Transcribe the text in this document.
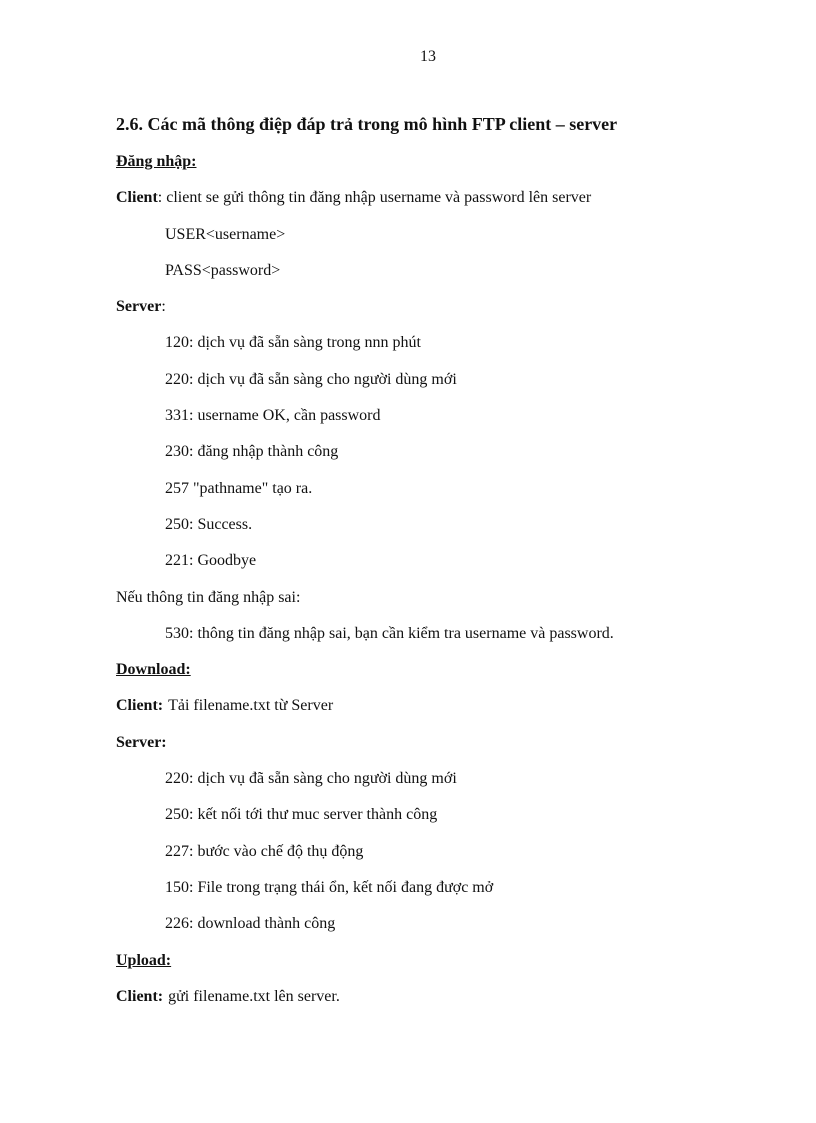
13
2.6. Các mã thông điệp đáp trả trong mô hình FTP client – server
Đăng nhập:
Client: client se gửi thông tin đăng nhập username và password lên server
USER<username>
PASS<password>
Server:
120: dịch vụ đã sẵn sàng trong nnn phút
220: dịch vụ đã sẵn sàng cho người dùng mới
331: username OK, cần password
230: đăng nhập thành công
257 "pathname" tạo ra.
250: Success.
221: Goodbye
Nếu thông tin đăng nhập sai:
530: thông tin đăng nhập sai, bạn cần kiểm tra username và password.
Download:
Client: Tải filename.txt từ Server
Server:
220: dịch vụ đã sẵn sàng cho người dùng mới
250: kết nối tới thư muc server thành công
227: bước vào chế độ thụ động
150: File trong trạng thái ổn, kết nối đang được mở
226: download thành công
Upload:
Client: gửi filename.txt lên server.
